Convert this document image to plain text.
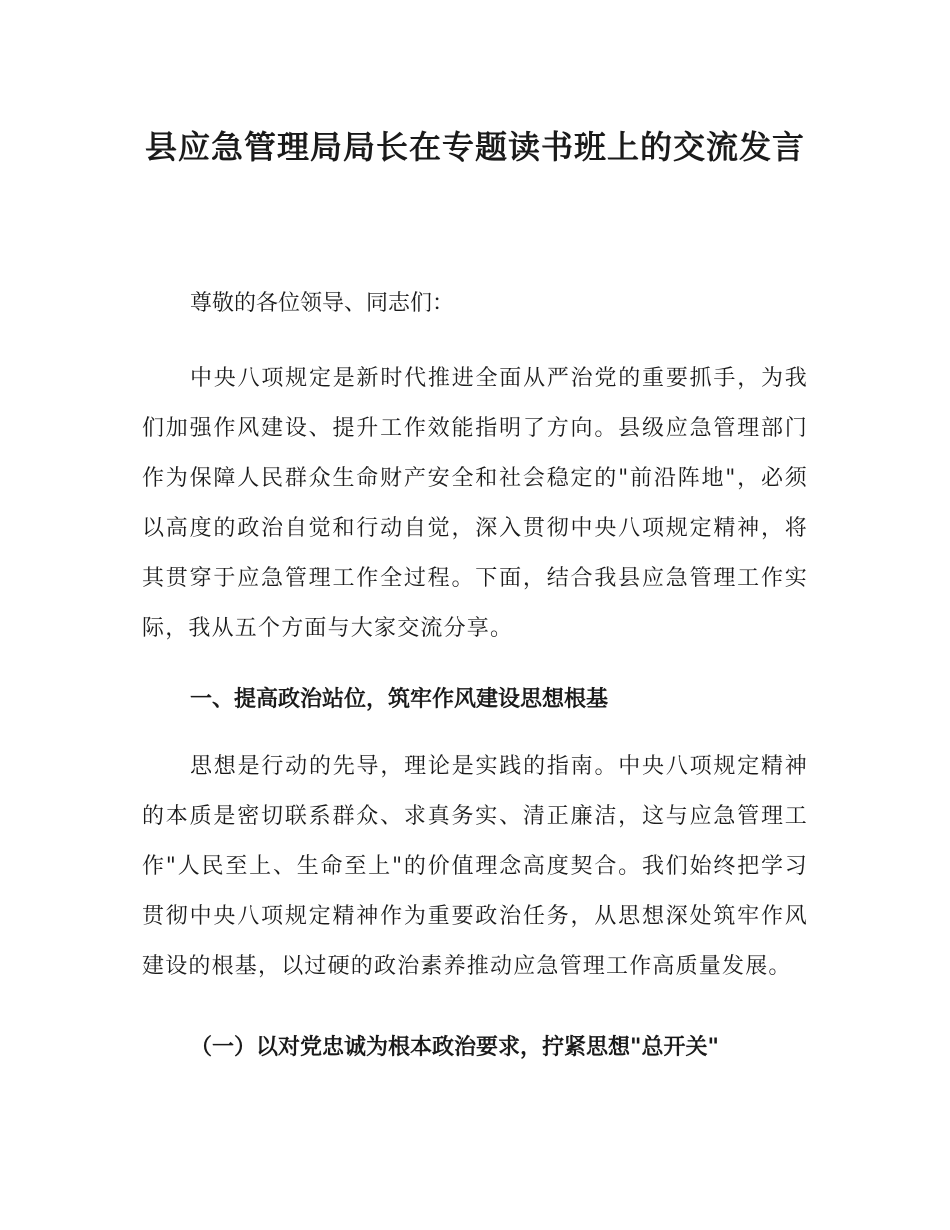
县应急管理局局长在专题读书班上的交流发言

尊敬的各位领导、同志们：

中央八项规定是新时代推进全面从严治党的重要抓手，为我们加强作风建设、提升工作效能指明了方向。县级应急管理部门作为保障人民群众生命财产安全和社会稳定的"前沿阵地"，必须以高度的政治自觉和行动自觉，深入贯彻中央八项规定精神，将其贯穿于应急管理工作全过程。下面，结合我县应急管理工作实际，我从五个方面与大家交流分享。

一、提高政治站位，筑牢作风建设思想根基

思想是行动的先导，理论是实践的指南。中央八项规定精神的本质是密切联系群众、求真务实、清正廉洁，这与应急管理工作"人民至上、生命至上"的价值理念高度契合。我们始终把学习贯彻中央八项规定精神作为重要政治任务，从思想深处筑牢作风建设的根基，以过硬的政治素养推动应急管理工作高质量发展。

（一）以对党忠诚为根本政治要求，拧紧思想"总开关"
